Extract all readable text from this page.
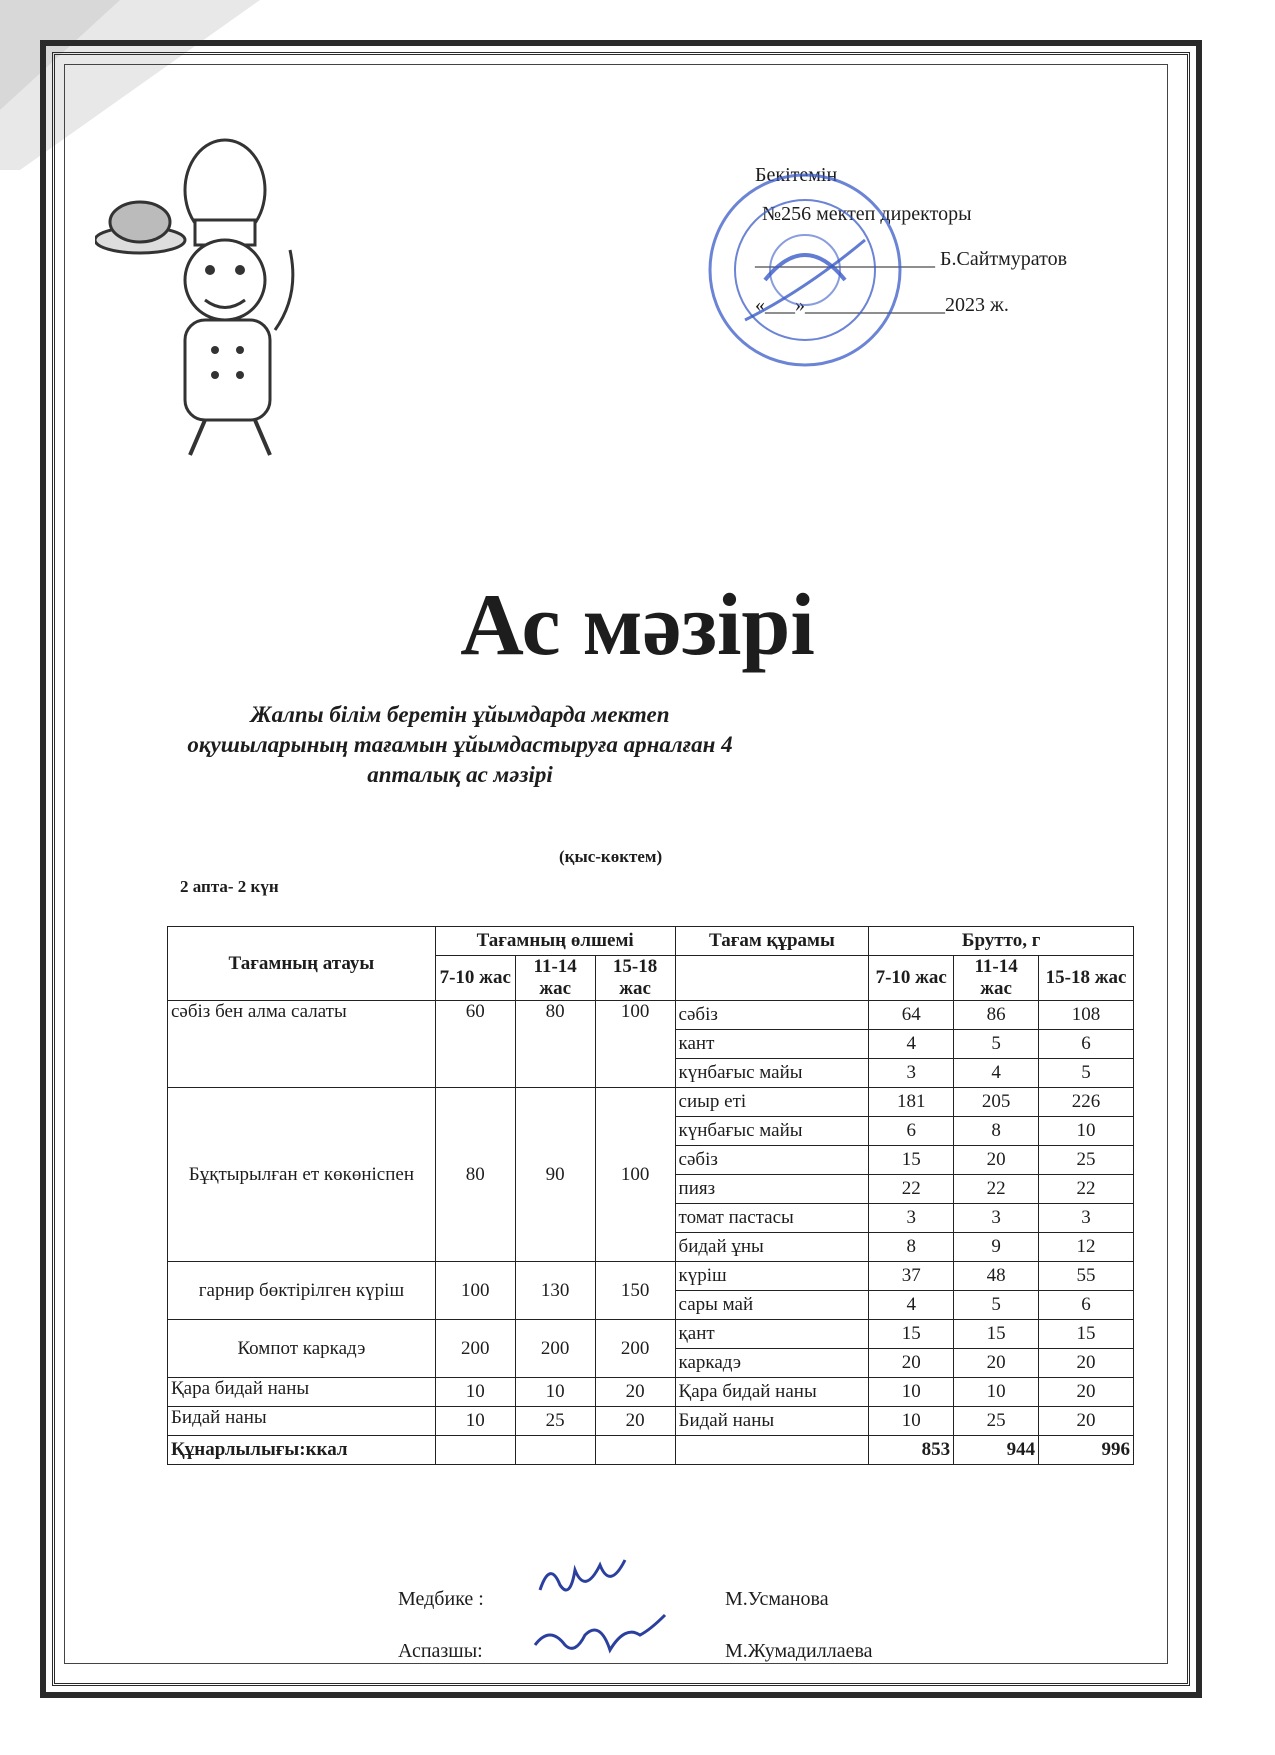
Бекітемін
№256 мектеп директоры
__________________ Б.Сайтмуратов
«___»______________2023 ж.
Ас мәзірі
Жалпы білім беретін ұйымдарда мектеп оқушыларының тағамын ұйымдастыруға арналған 4 апталық ас мәзірі
(қыс-көктем)
2 апта- 2 күн
Тағамның атауы	Тағамның өлшемі			Тағам құрамы	Брутто, г		
	7-10 жас	11-14 жас	15-18 жас		7-10 жас	11-14 жас	15-18 жас
сәбіз бен алма салаты	60	80	100	сәбіз	64	86	108
				кант	4	5	6
				күнбағыс майы	3	4	5
Бұқтырылған ет көкөніспен	80	90	100	сиыр еті	181	205	226
				күнбағыс майы	6	8	10
				сәбіз	15	20	25
				пияз	22	22	22
				томат пастасы	3	3	3
				бидай ұны	8	9	12
гарнир бөктірілген күріш	100	130	150	күріш	37	48	55
				сары май	4	5	6
Компот каркадэ	200	200	200	қант	15	15	15
				каркадэ	20	20	20
Қара бидай наны	10	10	20	Қара бидай наны	10	10	20
Бидай наны	10	25	20	Бидай наны	10	25	20
Құнарлылығы:ккал					853	944	996
Медбике :	М.Усманова
Аспазшы:	М.Жумадиллаева
